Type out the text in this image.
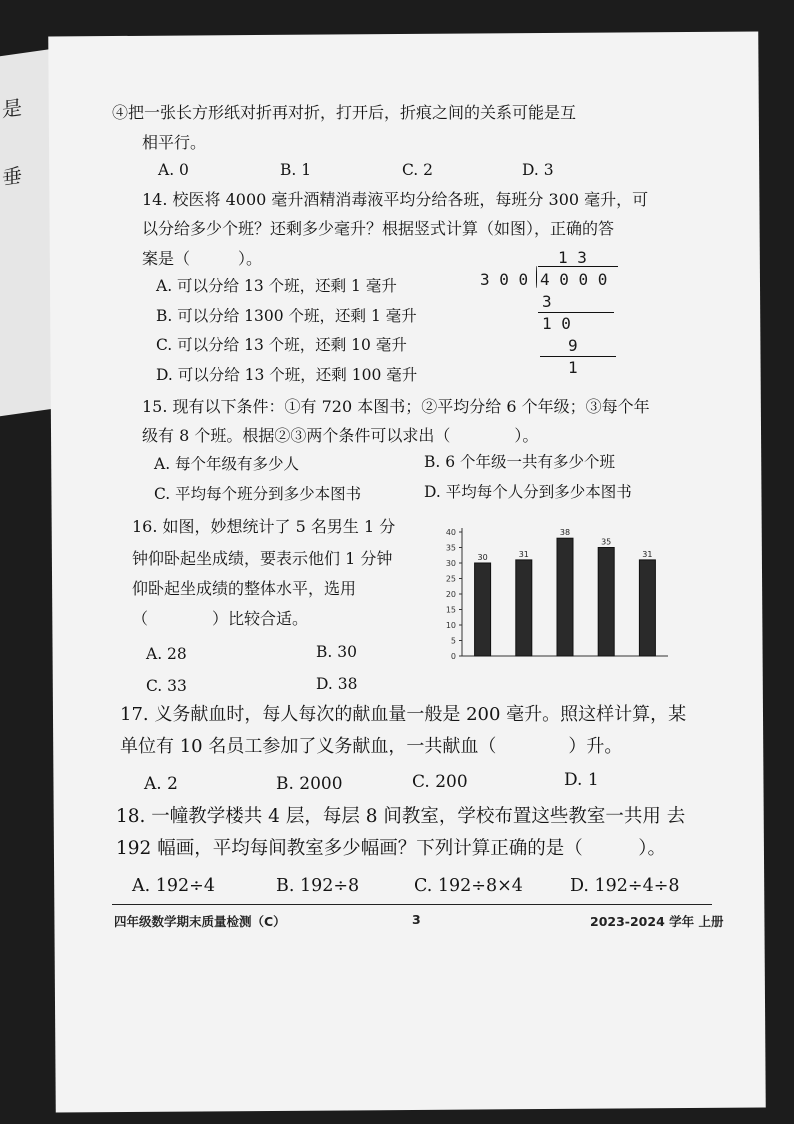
是
垂
④把一张长方形纸对折再对折，打开后，折痕之间的关系可能是互
相平行。
A. 0	B. 1	C. 2	D. 3
14. 校医将 4000 毫升酒精消毒液平均分给各班，每班分 300 毫升，可
以分给多少个班？还剩多少毫升？根据竖式计算（如图），正确的答
案是（　　　）。
A. 可以分给 13 个班，还剩 1 毫升
B. 可以分给 1300 个班，还剩 1 毫升
C. 可以分给 13 个班，还剩 10 毫升
D. 可以分给 13 个班，还剩 100 毫升
1 3
3 0 0 4 0 0 0
3
1 0
9
1
15. 现有以下条件：①有 720 本图书；②平均分给 6 个年级；③每个年
级有 8 个班。根据②③两个条件可以求出（　　　　）。
A. 每个年级有多少人	B. 6 个年级一共有多少个班
C. 平均每个班分到多少本图书	D. 平均每个人分到多少本图书
16. 如图，妙想统计了 5 名男生 1 分
钟仰卧起坐成绩，要表示他们 1 分钟
仰卧起坐成绩的整体水平，选用
（　　　　）比较合适。
A. 28	B. 30
C. 33	D. 38
0
5
10
15
20
25
30
35
40
30	31
38
35
31
17. 义务献血时，每人每次的献血量一般是 200 毫升。照这样计算，某
单位有 10 名员工参加了义务献血，一共献血（　　　　）升。
A. 2	B. 2000	C. 200	D. 1
18. 一幢教学楼共 4 层，每层 8 间教室，学校布置这些教室一共用 去
192 幅画，平均每间教室多少幅画？下列计算正确的是（　　　）。
A. 192÷4	B. 192÷8	C. 192÷8×4	D. 192÷4÷8
四年级数学期末质量检测（C）	3	2023-2024 学年 上册
